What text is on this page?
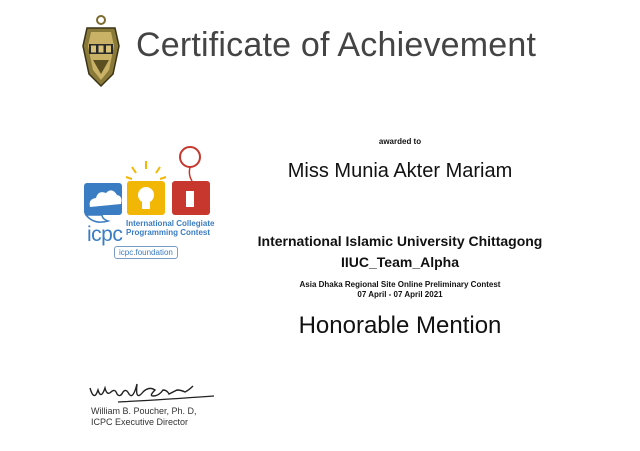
Certificate of Achievement
icpc International Collegiate
Programming Contest
icpc.foundation
awarded to
Miss Munia Akter Mariam
International Islamic University Chittagong
IIUC_Team_Alpha
Asia Dhaka Regional Site Online Preliminary Contest
07 April - 07 April 2021
Honorable Mention
William B. Poucher, Ph. D,
ICPC Executive Director
